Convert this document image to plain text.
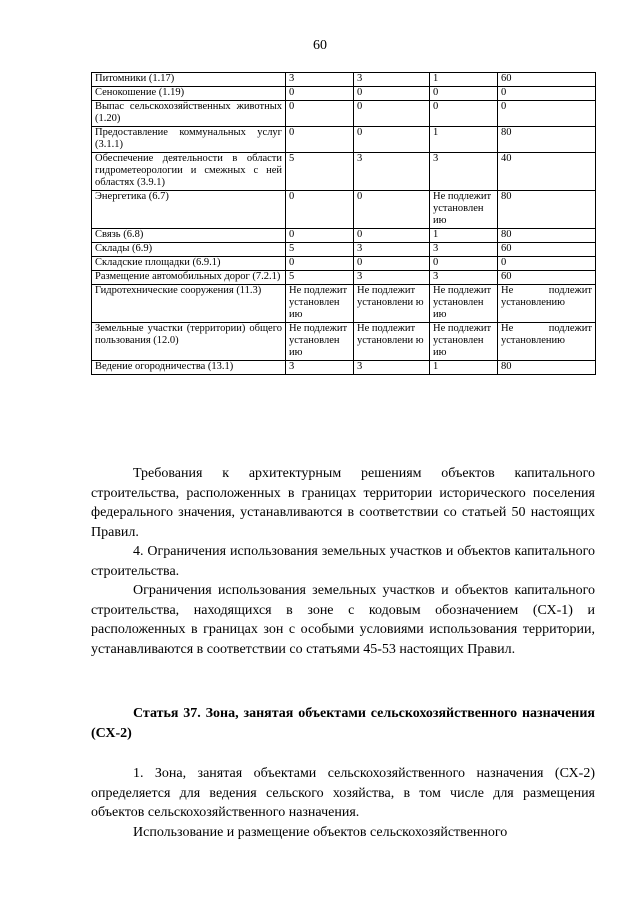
60
Питомники (1.17)	3	3	1	60
Сенокошение (1.19)	0	0	0	0
Выпас сельскохозяйственных животных (1.20)	0	0	0	0
Предоставление коммунальных услуг (3.1.1)	0	0	1	80
Обеспечение деятельности в области гидрометеорологии и смежных с ней областях (3.9.1)	5	3	3	40
Энергетика (6.7)	0	0	Не подлежит установлен ию	80
Связь (6.8)	0	0	1	80
Склады (6.9)	5	3	3	60
Складские площадки (6.9.1)	0	0	0	0
Размещение автомобильных дорог (7.2.1)	5	3	3	60
Гидротехнические сооружения (11.3)	Не подлежит установлен ию	Не подлежит установлени ю	Не подлежит установлен ию	Не подлежит установлению
Земельные участки (территории) общего пользования (12.0)	Не подлежит установлен ию	Не подлежит установлени ю	Не подлежит установлен ию	Не подлежит установлению
Ведение огородничества (13.1)	3	3	1	80

Требования к архитектурным решениям объектов капитального строительства, расположенных в границах территории исторического поселения федерального значения, устанавливаются в соответствии со статьей 50 настоящих Правил.

4. Ограничения использования земельных участков и объектов капитального строительства.

Ограничения использования земельных участков и объектов капитального строительства, находящихся в зоне с кодовым обозначением (СХ-1) и расположенных в границах зон с особыми условиями использования территории, устанавливаются в соответствии со статьями 45-53 настоящих Правил.

Статья 37. Зона, занятая объектами сельскохозяйственного назначения (СХ-2)

1. Зона, занятая объектами сельскохозяйственного назначения (СХ-2) определяется для ведения сельского хозяйства, в том числе для размещения объектов сельскохозяйственного назначения.

Использование и размещение объектов сельскохозяйственного
